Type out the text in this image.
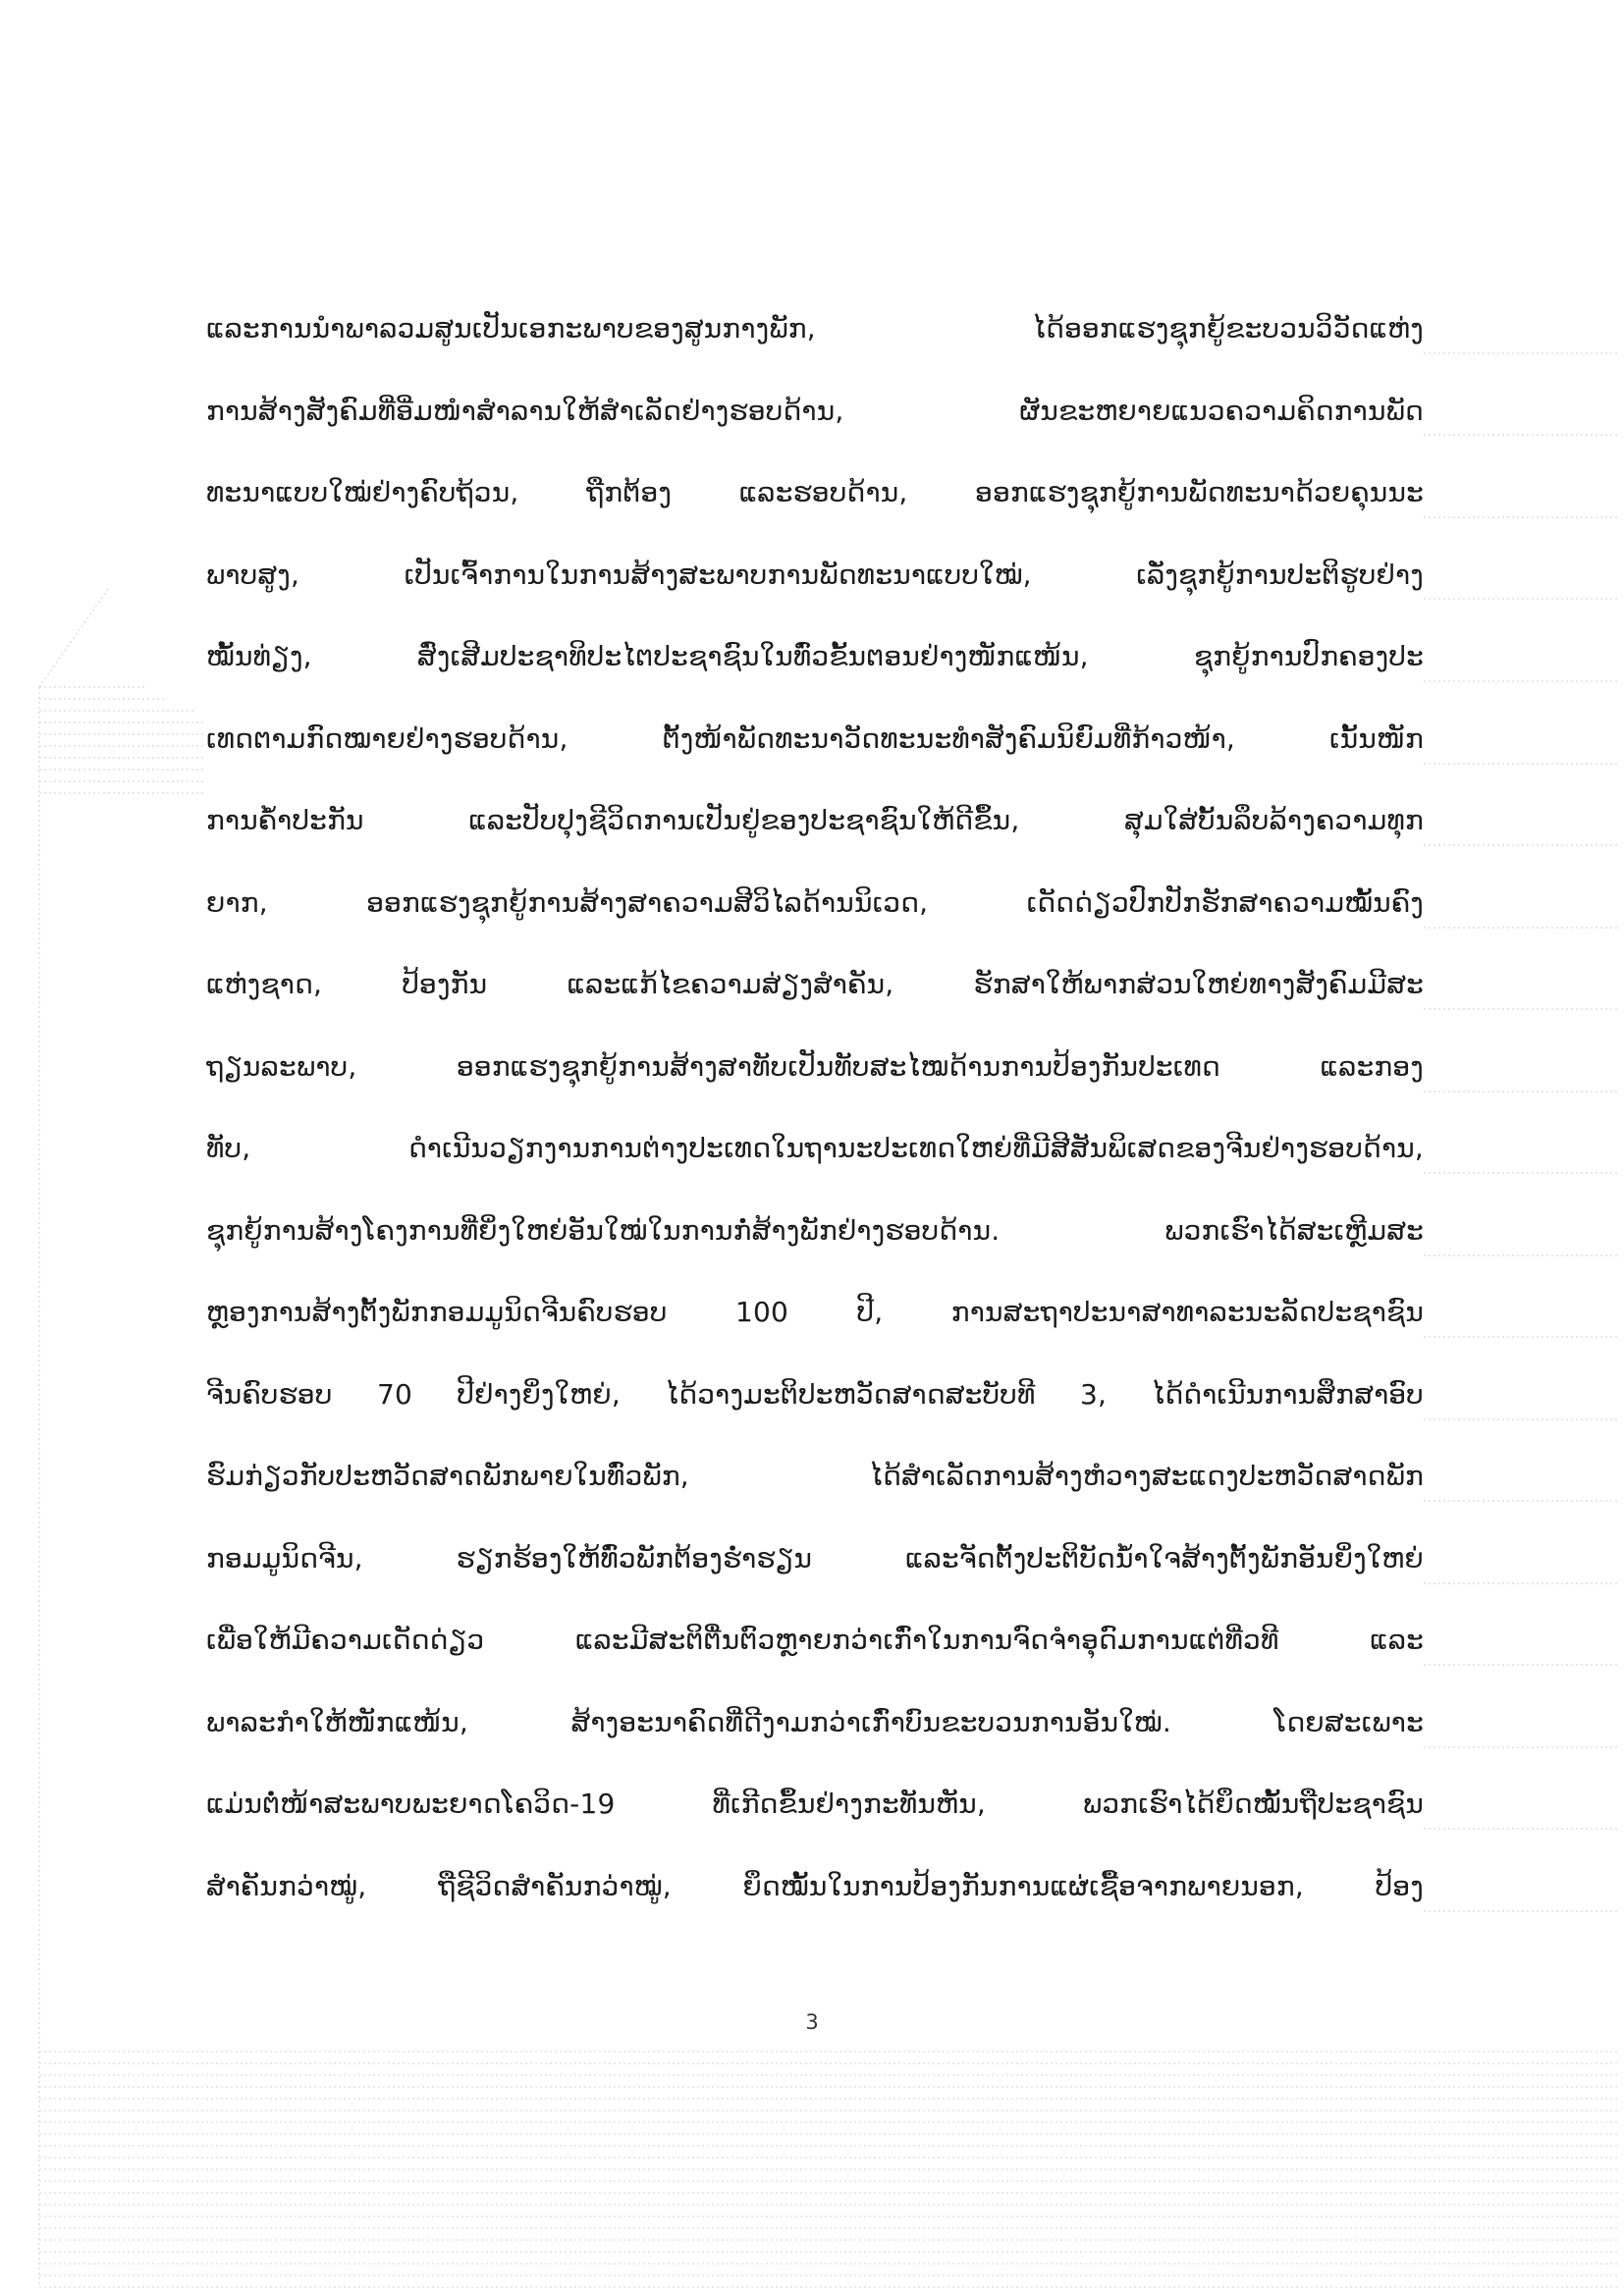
ແລະການນຳພາລວມສູນເປັນເອກະພາບຂອງສູນກາງພັກ, ໄດ້ອອກແຮງຊຸກຍູ້ຂະບວນວິວັດແຫ່ງ
ການສ້າງສັງຄົມທີ່ອີ່ມໜຳສຳລານໃຫ້ສຳເລັດຢ່າງຮອບດ້ານ, ຜັນຂະຫຍາຍແນວຄວາມຄິດການພັດ
ທະນາແບບໃໝ່ຢ່າງຄົບຖ້ວນ, ຖືກຕ້ອງ ແລະຮອບດ້ານ, ອອກແຮງຊຸກຍູ້ການພັດທະນາດ້ວຍຄຸນນະ
ພາບສູງ, ເປັນເຈົ້າການໃນການສ້າງສະພາບການພັດທະນາແບບໃໝ່, ເລັ່ງຊຸກຍູ້ການປະຕິຮູບຢ່າງ
ໝັ້ນທ່ຽງ, ສົ່ງເສີມປະຊາທິປະໄຕປະຊາຊົນໃນທົ່ວຂັ້ນຕອນຢ່າງໜັກແໜ້ນ, ຊຸກຍູ້ການປົກຄອງປະ
ເທດຕາມກົດໝາຍຢ່າງຮອບດ້ານ, ຕັ້ງໜ້າພັດທະນາວັດທະນະທຳສັງຄົມນິຍົມທີ່ກ້າວໜ້າ, ເນັ້ນໜັກ
ການຄ້ຳປະກັນ ແລະປັບປຸງຊີວິດການເປັນຢູ່ຂອງປະຊາຊົນໃຫ້ດີຂຶ້ນ, ສຸມໃສ່ບັ້ນລຶບລ້າງຄວາມທຸກ
ຍາກ, ອອກແຮງຊຸກຍູ້ການສ້າງສາຄວາມສີວິໄລດ້ານນິເວດ, ເດັດດ່ຽວປົກປັກຮັກສາຄວາມໝັ້ນຄົງ
ແຫ່ງຊາດ, ປ້ອງກັນ ແລະແກ້ໄຂຄວາມສ່ຽງສຳຄັນ, ຮັກສາໃຫ້ພາກສ່ວນໃຫຍ່ທາງສັງຄົມມີສະ
ຖຽນລະພາບ, ອອກແຮງຊຸກຍູ້ການສ້າງສາທັບເປັນທັບສະໄໝດ້ານການປ້ອງກັນປະເທດ ແລະກອງ
ທັບ, ດຳເນີນວຽກງານການຕ່າງປະເທດໃນຖານະປະເທດໃຫຍ່ທີ່ມີສີສັນພິເສດຂອງຈີນຢ່າງຮອບດ້ານ,
ຊຸກຍູ້ການສ້າງໂຄງການທີ່ຍິ່ງໃຫຍ່ອັນໃໝ່ໃນການກໍ່ສ້າງພັກຢ່າງຮອບດ້ານ. ພວກເຮົາໄດ້ສະເຫຼີມສະ
ຫຼອງການສ້າງຕັ້ງພັກກອມມູນິດຈີນຄົບຮອບ 100 ປີ, ການສະຖາປະນາສາທາລະນະລັດປະຊາຊົນ
ຈີນຄົບຮອບ 70 ປີຢ່າງຍິ່ງໃຫຍ່, ໄດ້ວາງມະຕິປະຫວັດສາດສະບັບທີ 3, ໄດ້ດຳເນີນການສຶກສາອົບ
ຮົມກ່ຽວກັບປະຫວັດສາດພັກພາຍໃນທົ່ວພັກ, ໄດ້ສຳເລັດການສ້າງຫໍວາງສະແດງປະຫວັດສາດພັກ
ກອມມູນິດຈີນ, ຮຽກຮ້ອງໃຫ້ທົ່ວພັກຕ້ອງຮ່ຳຮຽນ ແລະຈັດຕັ້ງປະຕິບັດນ້ຳໃຈສ້າງຕັ້ງພັກອັນຍິ່ງໃຫຍ່
ເພື່ອໃຫ້ມີຄວາມເດັດດ່ຽວ ແລະມີສະຕິຕື່ນຕົວຫຼາຍກວ່າເກົ່າໃນການຈົດຈຳອຸດົມການແຕ່ທີ່ວທີ ແລະ
ພາລະກຳໃຫ້ໜັກແໜ້ນ, ສ້າງອະນາຄົດທີ່ດີງາມກວ່າເກົ່າບົນຂະບວນການອັນໃໝ່. ໂດຍສະເພາະ
ແມ່ນຕໍ່ໜ້າສະພາບພະຍາດໂຄວິດ-19 ທີ່ເກີດຂຶ້ນຢ່າງກະທັນຫັນ, ພວກເຮົາໄດ້ຍຶດໝັ້ນຖືປະຊາຊົນ
ສຳຄັນກວ່າໝູ່, ຖືຊີວິດສຳຄັນກວ່າໝູ່, ຍຶດໝັ້ນໃນການປ້ອງກັນການແຜ່ເຊື້ອຈາກພາຍນອກ, ປ້ອງ
3
